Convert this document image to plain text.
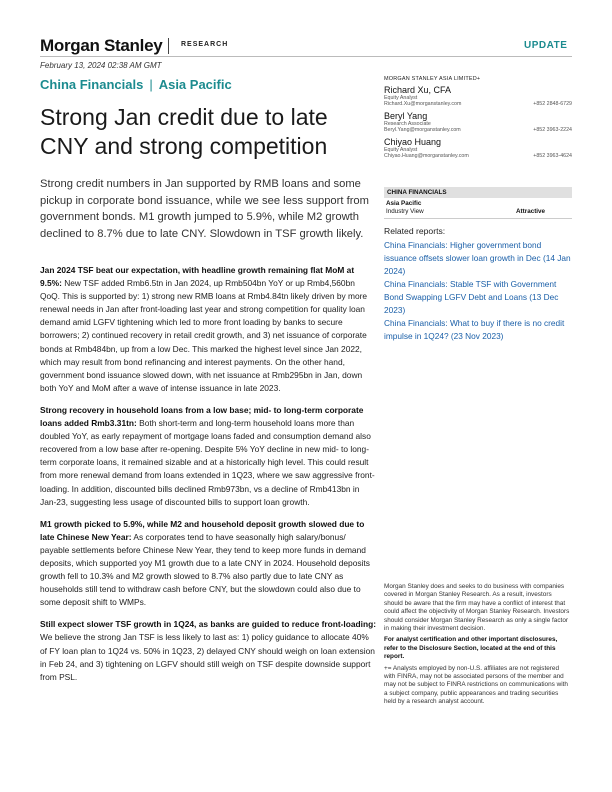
Morgan Stanley	RESEARCH	UPDATE
February 13, 2024 02:38 AM GMT
China Financials | Asia Pacific
Strong Jan credit due to late CNY and strong competition
Strong credit numbers in Jan supported by RMB loans and some pickup in corporate bond issuance, while we see less support from government bonds. M1 growth jumped to 5.9%, while M2 growth declined to 8.7% due to late CNY. Slowdown in TSF growth likely.

Jan 2024 TSF beat our expectation, with headline growth remaining flat MoM at 9.5%: New TSF added Rmb6.5tn in Jan 2024, up Rmb504bn YoY or up Rmb4,560bn QoQ. This is supported by: 1) strong new RMB loans at Rmb4.84tn likely driven by more renewal needs in Jan after front-loading last year and strong competition for quality loan demand amid LGFV tightening which led to more front loading by banks to secure borrowers; 2) continued recovery in retail credit growth, and 3) net issuance of corporate bonds at Rmb484bn, up from a low Dec. This marked the highest level since Jan 2022, which may result from bond refinancing and interest payments. On the other hand, government bond issuance slowed down, with net issuance at Rmb295bn in Jan, down both YoY and MoM after a wave of intense issuance in late 2023.

Strong recovery in household loans from a low base; mid- to long-term corporate loans added Rmb3.31tn: Both short-term and long-term household loans more than doubled YoY, as early repayment of mortgage loans faded and consumption demand also recovered from a low base after re-opening. Despite 5% YoY decline in new mid- to long-term corporate loans, it remained sizable and at a historically high level. This could result from more renewal demand from loans extended in 1Q23, where we saw aggressive front-loading. In addition, discounted bills declined Rmb973bn, vs a decline of Rmb413bn in Jan-23, suggesting less usage of discounted bills to support loan growth.

M1 growth picked to 5.9%, while M2 and household deposit growth slowed due to late Chinese New Year: As corporates tend to have seasonally high salary/bonus/ payable settlements before Chinese New Year, they tend to keep more funds in demand deposits, which supported yoy M1 growth due to a late CNY in 2024. Household deposits growth fell to 10.3% and M2 growth slowed to 8.7% also partly due to late CNY as households still tend to withdraw cash before CNY, but the slowdown could also due to some deposit shift to WMPs.

Still expect slower TSF growth in 1Q24, as banks are guided to reduce front-loading: We believe the strong Jan TSF is less likely to last as: 1) policy guidance to allocate 40% of FY loan plan to 1Q24 vs. 50% in 1Q23, 2) delayed CNY should weigh on loan extension in Feb 24, and 3) tightening on LGFV should still weigh on TSF despite downside support from PSL.

MORGAN STANLEY ASIA LIMITED+
Richard Xu, CFA
Equity Analyst
Richard.Xu@morganstanley.com	+852 2848-6729
Beryl Yang
Research Associate
Beryl.Yang@morganstanley.com	+852 3963-2224
Chiyao Huang
Equity Analyst
Chiyao.Huang@morganstanley.com	+852 3963-4624
CHINA FINANCIALS
Asia Pacific
Industry View	Attractive
Related reports:
China Financials: Higher government bond issuance offsets slower loan growth in Dec (14 Jan 2024)
China Financials: Stable TSF with Government Bond Swapping LGFV Debt and Loans (13 Dec 2023)
China Financials: What to buy if there is no credit impulse in 1Q24? (23 Nov 2023)

Morgan Stanley does and seeks to do business with companies covered in Morgan Stanley Research. As a result, investors should be aware that the firm may have a conflict of interest that could affect the objectivity of Morgan Stanley Research. Investors should consider Morgan Stanley Research as only a single factor in making their investment decision.

For analyst certification and other important disclosures, refer to the Disclosure Section, located at the end of this report.

+= Analysts employed by non-U.S. affiliates are not registered with FINRA, may not be associated persons of the member and may not be subject to FINRA restrictions on communications with a subject company, public appearances and trading securities held by a research analyst account.
